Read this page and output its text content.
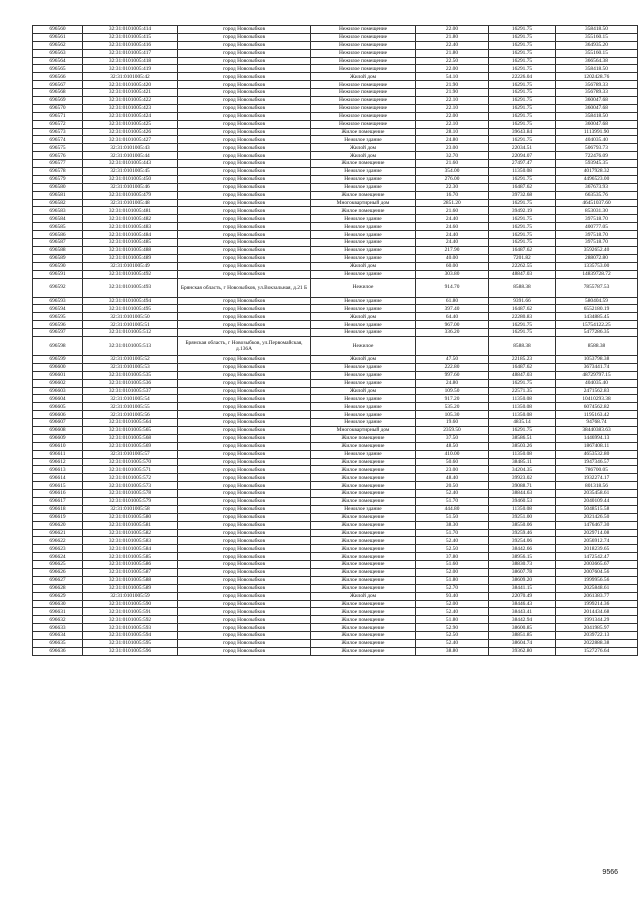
696560	32:31:0101005:414	город Новозыбков	Нежилое помещение	22.00	16291.75	358418.50
696561	32:31:0101005:415	город Новозыбков	Нежилое помещение	21.80	16291.75	355160.15
696562	32:31:0101005:416	город Новозыбков	Нежилое помещение	22.40	16291.75	364935.20
696563	32:31:0101005:417	город Новозыбков	Нежилое помещение	21.80	16291.75	355160.15
696564	32:31:0101005:418	город Новозыбков	Нежилое помещение	22.50	16291.75	366564.38
696565	32:31:0101005:419	город Новозыбков	Нежилое помещение	22.00	16291.75	358418.50
696566	32:31:0101005:42	город Новозыбков	Жилой дом	54.10	22226.04	1202428.76
696567	32:31:0101005:420	город Новозыбков	Нежилое помещение	21.90	16291.75	356789.33
696568	32:31:0101005:421	город Новозыбков	Нежилое помещение	21.90	16291.75	356789.33
696569	32:31:0101005:422	город Новозыбков	Нежилое помещение	22.10	16291.75	360047.68
696570	32:31:0101005:423	город Новозыбков	Нежилое помещение	22.10	16291.75	360047.68
696571	32:31:0101005:424	город Новозыбков	Нежилое помещение	22.00	16291.75	358418.50
696572	32:31:0101005:425	город Новозыбков	Нежилое помещение	22.10	16291.75	360047.68
696573	32:31:0101005:426	город Новозыбков	Жилое помещение	28.10	39643.84	1113991.90
696574	32:31:0101005:427	город Новозыбков	Нежилое здание	24.80	16291.75	404035.40
696575	32:31:0101005:43	город Новозыбков	Жилой дом	23.00	22034.51	506793.73
696576	32:31:0101005:44	город Новозыбков	Жилой дом	32.70	22094.07	722476.09
696577	32:31:0101005:443	город Новозыбков	Жилое помещение	21.60	27497.47	593945.35
696578	32:31:0101005:45	город Новозыбков	Нежилое здание	354.00	11350.08	4017928.32
696579	32:31:0101005:450	город Новозыбков	Нежилое здание	276.00	16291.75	4496523.00
696580	32:31:0101005:46	город Новозыбков	Нежилое здание	22.30	16487.62	367673.93
696581	32:31:0101005:479	город Новозыбков	Жилое помещение	16.70	39732.68	663535.76
696582	32:31:0101005:48	город Новозыбков	Многоквартирный дом	2851.20	16291.75	46451037.60
696583	32:31:0101005:481	город Новозыбков	Жилое помещение	21.60	39492.19	853031.30
696584	32:31:0101005:482	город Новозыбков	Нежилое здание	24.40	16291.75	397518.70
696585	32:31:0101005:483	город Новозыбков	Нежилое здание	24.60	16291.75	400777.05
696586	32:31:0101005:484	город Новозыбков	Нежилое здание	24.40	16291.75	397518.70
696587	32:31:0101005:485	город Новозыбков	Нежилое здание	24.40	16291.75	397518.70
696588	32:31:0101005:488	город Новозыбков	Нежилое здание	217.90	16487.62	3592652.40
696589	32:31:0101005:489	город Новозыбков	Нежилое здание	40.00	7201.82	288072.80
696590	32:31:0101005:49	город Новозыбков	Жилой дом	60.00	22262.55	1335753.00
696591	32:31:0101005:492	город Новозыбков	Нежилое здание	303.80	48847.03	14839728.72
696592	32:31:0101005:493	Брянская область, г Новозыбков, ул.Вокзальная, д.21 Б	Нежилое	914.70	8588.38	7855787.53
696593	32:31:0101005:494	город Новозыбков	Нежилое здание	61.80	9391.66	580404.59
696594	32:31:0101005:495	город Новозыбков	Нежилое здание	397.40	16487.62	6552180.19
696595	32:31:0101005:50	город Новозыбков	Жилой дом	64.40	22280.83	1434885.45
696596	32:31:0101005:51	город Новозыбков	Нежилое здание	967.00	16291.75	15754122.25
696597	32:31:0101005:512	город Новозыбков	Нежилое здание	336.20	16291.75	5477286.35
696598	32:31:0101005:513	Брянская область, г Новозыбков, ул.Первомайская, д.136А	Нежилое		8588.38	8588.38
696599	32:31:0101005:52	город Новозыбков	Жилой дом	47.50	22185.23	1053798.38
696600	32:31:0101005:53	город Новозыбков	Нежилое здание	222.80	16487.62	3673441.74
696601	32:31:0101005:535	город Новозыбков	Нежилое здание	997.60	48847.03	48729797.15
696602	32:31:0101005:536	город Новозыбков	Нежилое здание	24.80	16291.75	404035.40
696603	32:31:0101005:537	город Новозыбков	Жилой дом	109.50	22571.35	2471562.83
696604	32:31:0101005:54	город Новозыбков	Нежилое здание	917.20	11350.08	10410293.38
696605	32:31:0101005:55	город Новозыбков	Нежилое здание	535.20	11350.08	6074562.82
696606	32:31:0101005:56	город Новозыбков	Нежилое здание	105.30	11350.08	1195163.42
696607	32:31:0101005:564	город Новозыбков	Нежилое здание	19.60	4835.14	94768.74
696608	32:31:0101005:565	город Новозыбков	Многоквартирный дом	2359.50	16291.75	38440383.63
696609	32:31:0101005:568	город Новозыбков	Жилое помещение	37.50	38586.51	1446994.13
696610	32:31:0101005:569	город Новозыбков	Жилое помещение	48.50	38503.26	1867408.11
696611	32:31:0101005:57	город Новозыбков	Нежилое здание	410.00	11350.08	4653532.80
696612	32:31:0101005:570	город Новозыбков	Жилое помещение	50.60	38485.11	1947346.57
696613	32:31:0101005:571	город Новозыбков	Жилое помещение	23.00	34204.35	786700.05
696614	32:31:0101005:572	город Новозыбков	Жилое помещение	48.40	39923.02	1932274.17
696615	32:31:0101005:573	город Новозыбков	Жилое помещение	20.50	39088.71	801318.56
696616	32:31:0101005:578	город Новозыбков	Жилое помещение	52.40	38844.63	2035458.61
696617	32:31:0101005:579	город Новозыбков	Жилое помещение	51.70	39460.53	2040109.44
696618	32:31:0101005:58	город Новозыбков	Нежилое здание	444.80	11350.08	5048515.58
696619	32:31:0101005:580	город Новозыбков	Жилое помещение	51.50	39251.00	2021426.50
696620	32:31:0101005:581	город Новозыбков	Жилое помещение	38.30	38550.06	1476467.30
696621	32:31:0101005:582	город Новозыбков	Жилое помещение	51.70	39259.46	2029714.08
696622	32:31:0101005:583	город Новозыбков	Жилое помещение	52.40	39254.06	2056912.74
696623	32:31:0101005:584	город Новозыбков	Жилое помещение	52.50	38442.66	2018239.65
696624	32:31:0101005:585	город Новозыбков	Жилое помещение	37.80	38956.15	1472542.47
696625	32:31:0101005:586	город Новозыбков	Жилое помещение	51.60	38830.73	2003665.67
696626	32:31:0101005:587	город Новозыбков	Жилое помещение	52.00	38607.78	2007604.56
696627	32:31:0101005:588	город Новозыбков	Жилое помещение	51.80	38609.20	1999956.56
696628	32:31:0101005:589	город Новозыбков	Жилое помещение	52.70	38441.15	2025848.61
696629	32:31:0101005:59	город Новозыбков	Жилой дом	93.40	22070.49	2061383.77
696630	32:31:0101005:590	город Новозыбков	Жилое помещение	52.00	38446.43	1999214.36
696631	32:31:0101005:591	город Новозыбков	Жилое помещение	52.40	38443.41	2014434.68
696632	32:31:0101005:592	город Новозыбков	Жилое помещение	51.80	38442.94	1991344.29
696633	32:31:0101005:593	город Новозыбков	Жилое помещение	52.90	38600.85	2041985.97
696634	32:31:0101005:594	город Новозыбков	Жилое помещение	52.50	38851.85	2039722.13
696635	32:31:0101005:595	город Новозыбков	Жилое помещение	52.40	38604.74	2022888.38
696636	32:31:0101005:596	город Новозыбков	Жилое помещение	38.80	39362.80	1527276.64
9566
